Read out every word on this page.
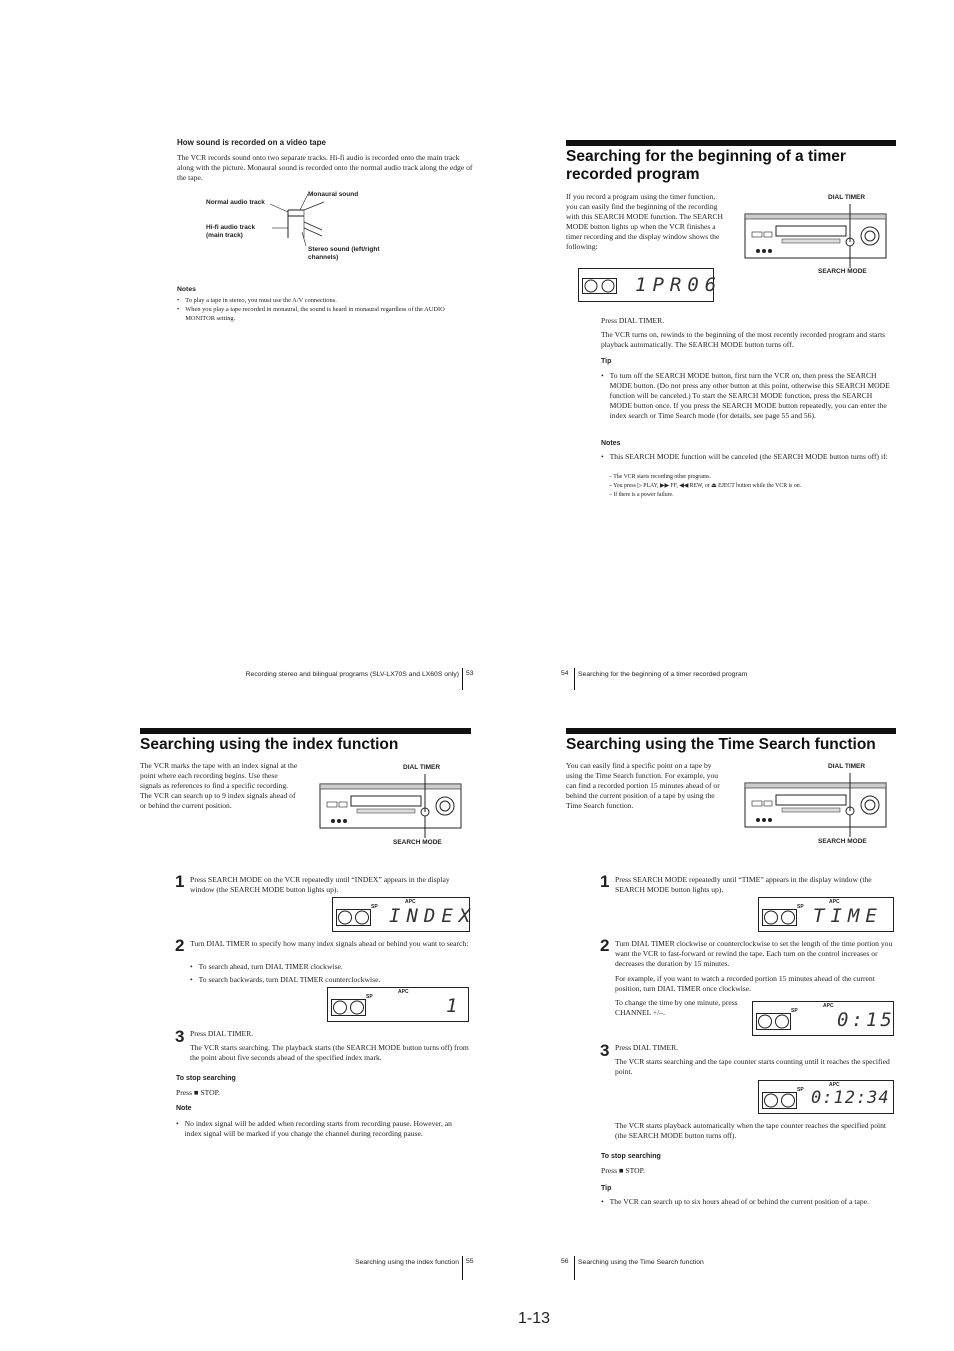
How sound is recorded on a video tape
The VCR records sound onto two separate tracks. Hi-fi audio is recorded onto the main track along with the picture. Monaural sound is recorded onto the normal audio track along the edge of the tape.
Monaural sound
Normal audio track
Hi-fi audio track (main track)
Stereo sound (left/right channels)
Notes
• To play a tape in stereo, you must use the A/V connections.
• When you play a tape recorded in monaural, the sound is heard in monaural regardless of the AUDIO MONITOR setting.
Recording stereo and bilingual programs (SLV-LX70S and LX60S only) 53
Searching for the beginning of a timer recorded program
If you record a program using the timer function, you can easily find the beginning of the recording with this SEARCH MODE function. The SEARCH MODE button lights up when the VCR finishes a timer recording and the display window shows the following:
DIAL TIMER
SEARCH MODE
1PR06
Press DIAL TIMER.
The VCR turns on, rewinds to the beginning of the most recently recorded program and starts playback automatically. The SEARCH MODE button turns off.
Tip
• To turn off the SEARCH MODE button, first turn the VCR on, then press the SEARCH MODE button. (Do not press any other button at this point, otherwise this SEARCH MODE function will be canceled.) To start the SEARCH MODE function, press the SEARCH MODE button once. If you press the SEARCH MODE button repeatedly, you can enter the index search or Time Search mode (for details, see page 55 and 56).
Notes
• This SEARCH MODE function will be canceled (the SEARCH MODE button turns off) if:
– The VCR starts recording other programs.
– You press ▷ PLAY, ▶▶ FF, ◀◀ REW, or ⏏ EJECT button while the VCR is on.
– If there is a power failure.
54 Searching for the beginning of a timer recorded program
Searching using the index function
The VCR marks the tape with an index signal at the point where each recording begins. Use these signals as references to find a specific recording. The VCR can search up to 9 index signals ahead of or behind the current position.
DIAL TIMER
SEARCH MODE
1 Press SEARCH MODE on the VCR repeatedly until “INDEX” appears in the display window (the SEARCH MODE button lights up).
SP
APC
INDEX
2 Turn DIAL TIMER to specify how many index signals ahead or behind you want to search:
• To search ahead, turn DIAL TIMER clockwise.
• To search backwards, turn DIAL TIMER counterclockwise.
SP
APC
1
3 Press DIAL TIMER.
The VCR starts searching. The playback starts (the SEARCH MODE button turns off) from the point about five seconds ahead of the specified index mark.
To stop searching
Press ■ STOP.
Note
• No index signal will be added when recording starts from recording pause. However, an index signal will be marked if you change the channel during recording pause.
Searching using the index function 55
Searching using the Time Search function
You can easily find a specific point on a tape by using the Time Search function. For example, you can find a recorded portion 15 minutes ahead of or behind the current position of a tape by using the Time Search function.
DIAL TIMER
SEARCH MODE
1 Press SEARCH MODE repeatedly until “TIME” appears in the display window (the SEARCH MODE button lights up).
SP
APC
TIME
2 Turn DIAL TIMER clockwise or counterclockwise to set the length of the time portion you want the VCR to fast-forward or rewind the tape. Each turn on the control increases or decreases the duration by 15 minutes.
For example, if you want to watch a recorded portion 15 minutes ahead of the current position, turn DIAL TIMER once clockwise.
To change the time by one minute, press CHANNEL +/–.	SP
APC
0:15
3 Press DIAL TIMER.
The VCR starts searching and the tape counter starts counting until it reaches the specified point.
SP
APC
0:12:34
The VCR starts playback automatically when the tape counter reaches the specified point (the SEARCH MODE button turns off).
To stop searching
Press ■ STOP.
Tip
• The VCR can search up to six hours ahead of or behind the current position of a tape.
56 Searching using the Time Search function
1-13
